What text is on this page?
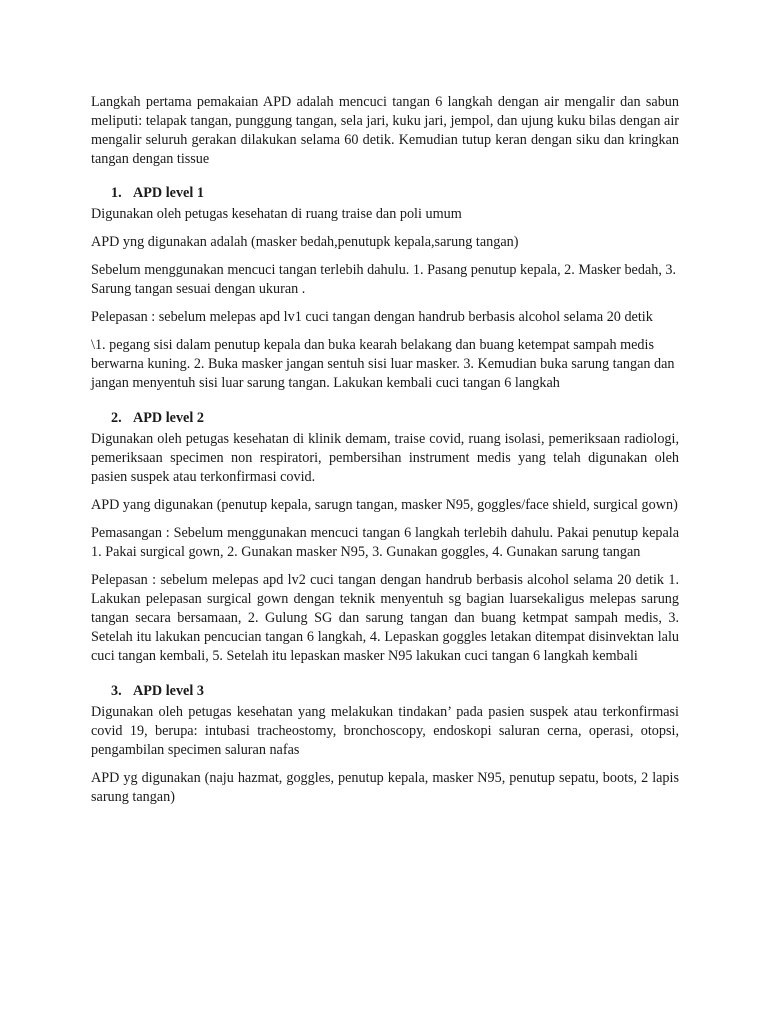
Langkah pertama pemakaian APD adalah mencuci tangan 6 langkah dengan air mengalir dan sabun meliputi: telapak tangan, punggung tangan, sela jari, kuku jari, jempol, dan ujung kuku bilas dengan air mengalir seluruh gerakan dilakukan selama 60 detik. Kemudian tutup keran dengan siku dan kringkan tangan dengan tissue

1. APD level 1

Digunakan oleh petugas kesehatan di ruang traise dan poli umum

APD yng digunakan adalah (masker bedah,penutupk kepala,sarung tangan)

Sebelum menggunakan mencuci tangan terlebih dahulu. 1. Pasang penutup kepala, 2. Masker bedah, 3. Sarung tangan sesuai dengan ukuran .

Pelepasan : sebelum melepas apd lv1 cuci tangan dengan handrub berbasis alcohol selama 20 detik

\1. pegang sisi dalam penutup kepala dan buka kearah belakang dan buang ketempat sampah medis berwarna kuning. 2. Buka masker jangan sentuh sisi luar masker. 3. Kemudian buka sarung tangan dan jangan menyentuh sisi luar sarung tangan. Lakukan kembali cuci tangan 6 langkah

2. APD level 2

Digunakan oleh petugas kesehatan di klinik demam, traise covid, ruang isolasi, pemeriksaan radiologi, pemeriksaan specimen non respiratori, pembersihan instrument medis yang telah digunakan oleh pasien suspek atau terkonfirmasi covid.

APD yang digunakan (penutup kepala, sarugn tangan, masker N95, goggles/face shield, surgical gown)

Pemasangan : Sebelum menggunakan mencuci tangan 6 langkah terlebih dahulu. Pakai penutup kepala 1. Pakai surgical gown, 2. Gunakan masker N95, 3. Gunakan goggles, 4. Gunakan sarung tangan

Pelepasan : sebelum melepas apd lv2 cuci tangan dengan handrub berbasis alcohol selama 20 detik 1. Lakukan pelepasan surgical gown dengan teknik menyentuh sg bagian luarsekaligus melepas sarung tangan secara bersamaan, 2. Gulung SG dan sarung tangan dan buang ketmpat sampah medis, 3. Setelah itu lakukan pencucian tangan 6 langkah, 4. Lepaskan goggles letakan ditempat disinvektan lalu cuci tangan kembali, 5. Setelah itu lepaskan masker N95 lakukan cuci tangan 6 langkah kembali

3. APD level 3

Digunakan oleh petugas kesehatan yang melakukan tindakan’ pada pasien suspek atau terkonfirmasi covid 19, berupa: intubasi tracheostomy, bronchoscopy, endoskopi saluran cerna, operasi, otopsi, pengambilan specimen saluran nafas

APD yg digunakan (naju hazmat, goggles, penutup kepala, masker N95, penutup sepatu, boots, 2 lapis sarung tangan)
